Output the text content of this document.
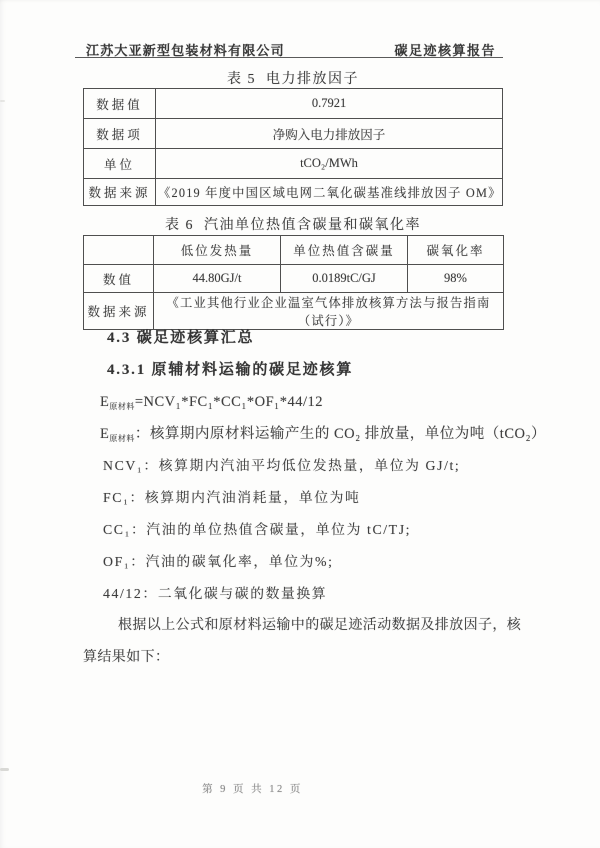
江苏大亚新型包装材料有限公司	碳足迹核算报告
表 5  电力排放因子
数据值	0.7921
数据项	净购入电力排放因子
单位	tCO₂/MWh
数据来源	《2019 年度中国区域电网二氧化碳基准线排放因子 OM》
表 6  汽油单位热值含碳量和碳氧化率
	低位发热量	单位热值含碳量	碳氧化率
数值	44.80GJ/t	0.0189tC/GJ	98%
数据来源	《工业其他行业企业温室气体排放核算方法与报告指南（试行）》		
4.3 碳足迹核算汇总
4.3.1 原辅材料运输的碳足迹核算
$E_{原材料}=NCV_1*FC_1*CC_1*OF_1*44/12$
$E_{原材料}$：核算期内原材料运输产生的 CO₂ 排放量，单位为吨（tCO₂）
NCV₁：核算期内汽油平均低位发热量，单位为 GJ/t;
FC₁：核算期内汽油消耗量，单位为吨
CC₁：汽油的单位热值含碳量，单位为 tC/TJ;
OF₁：汽油的碳氧化率，单位为%;
44/12：二氧化碳与碳的数量换算
根据以上公式和原材料运输中的碳足迹活动数据及排放因子，核
算结果如下：
第 9 页 共 12 页
